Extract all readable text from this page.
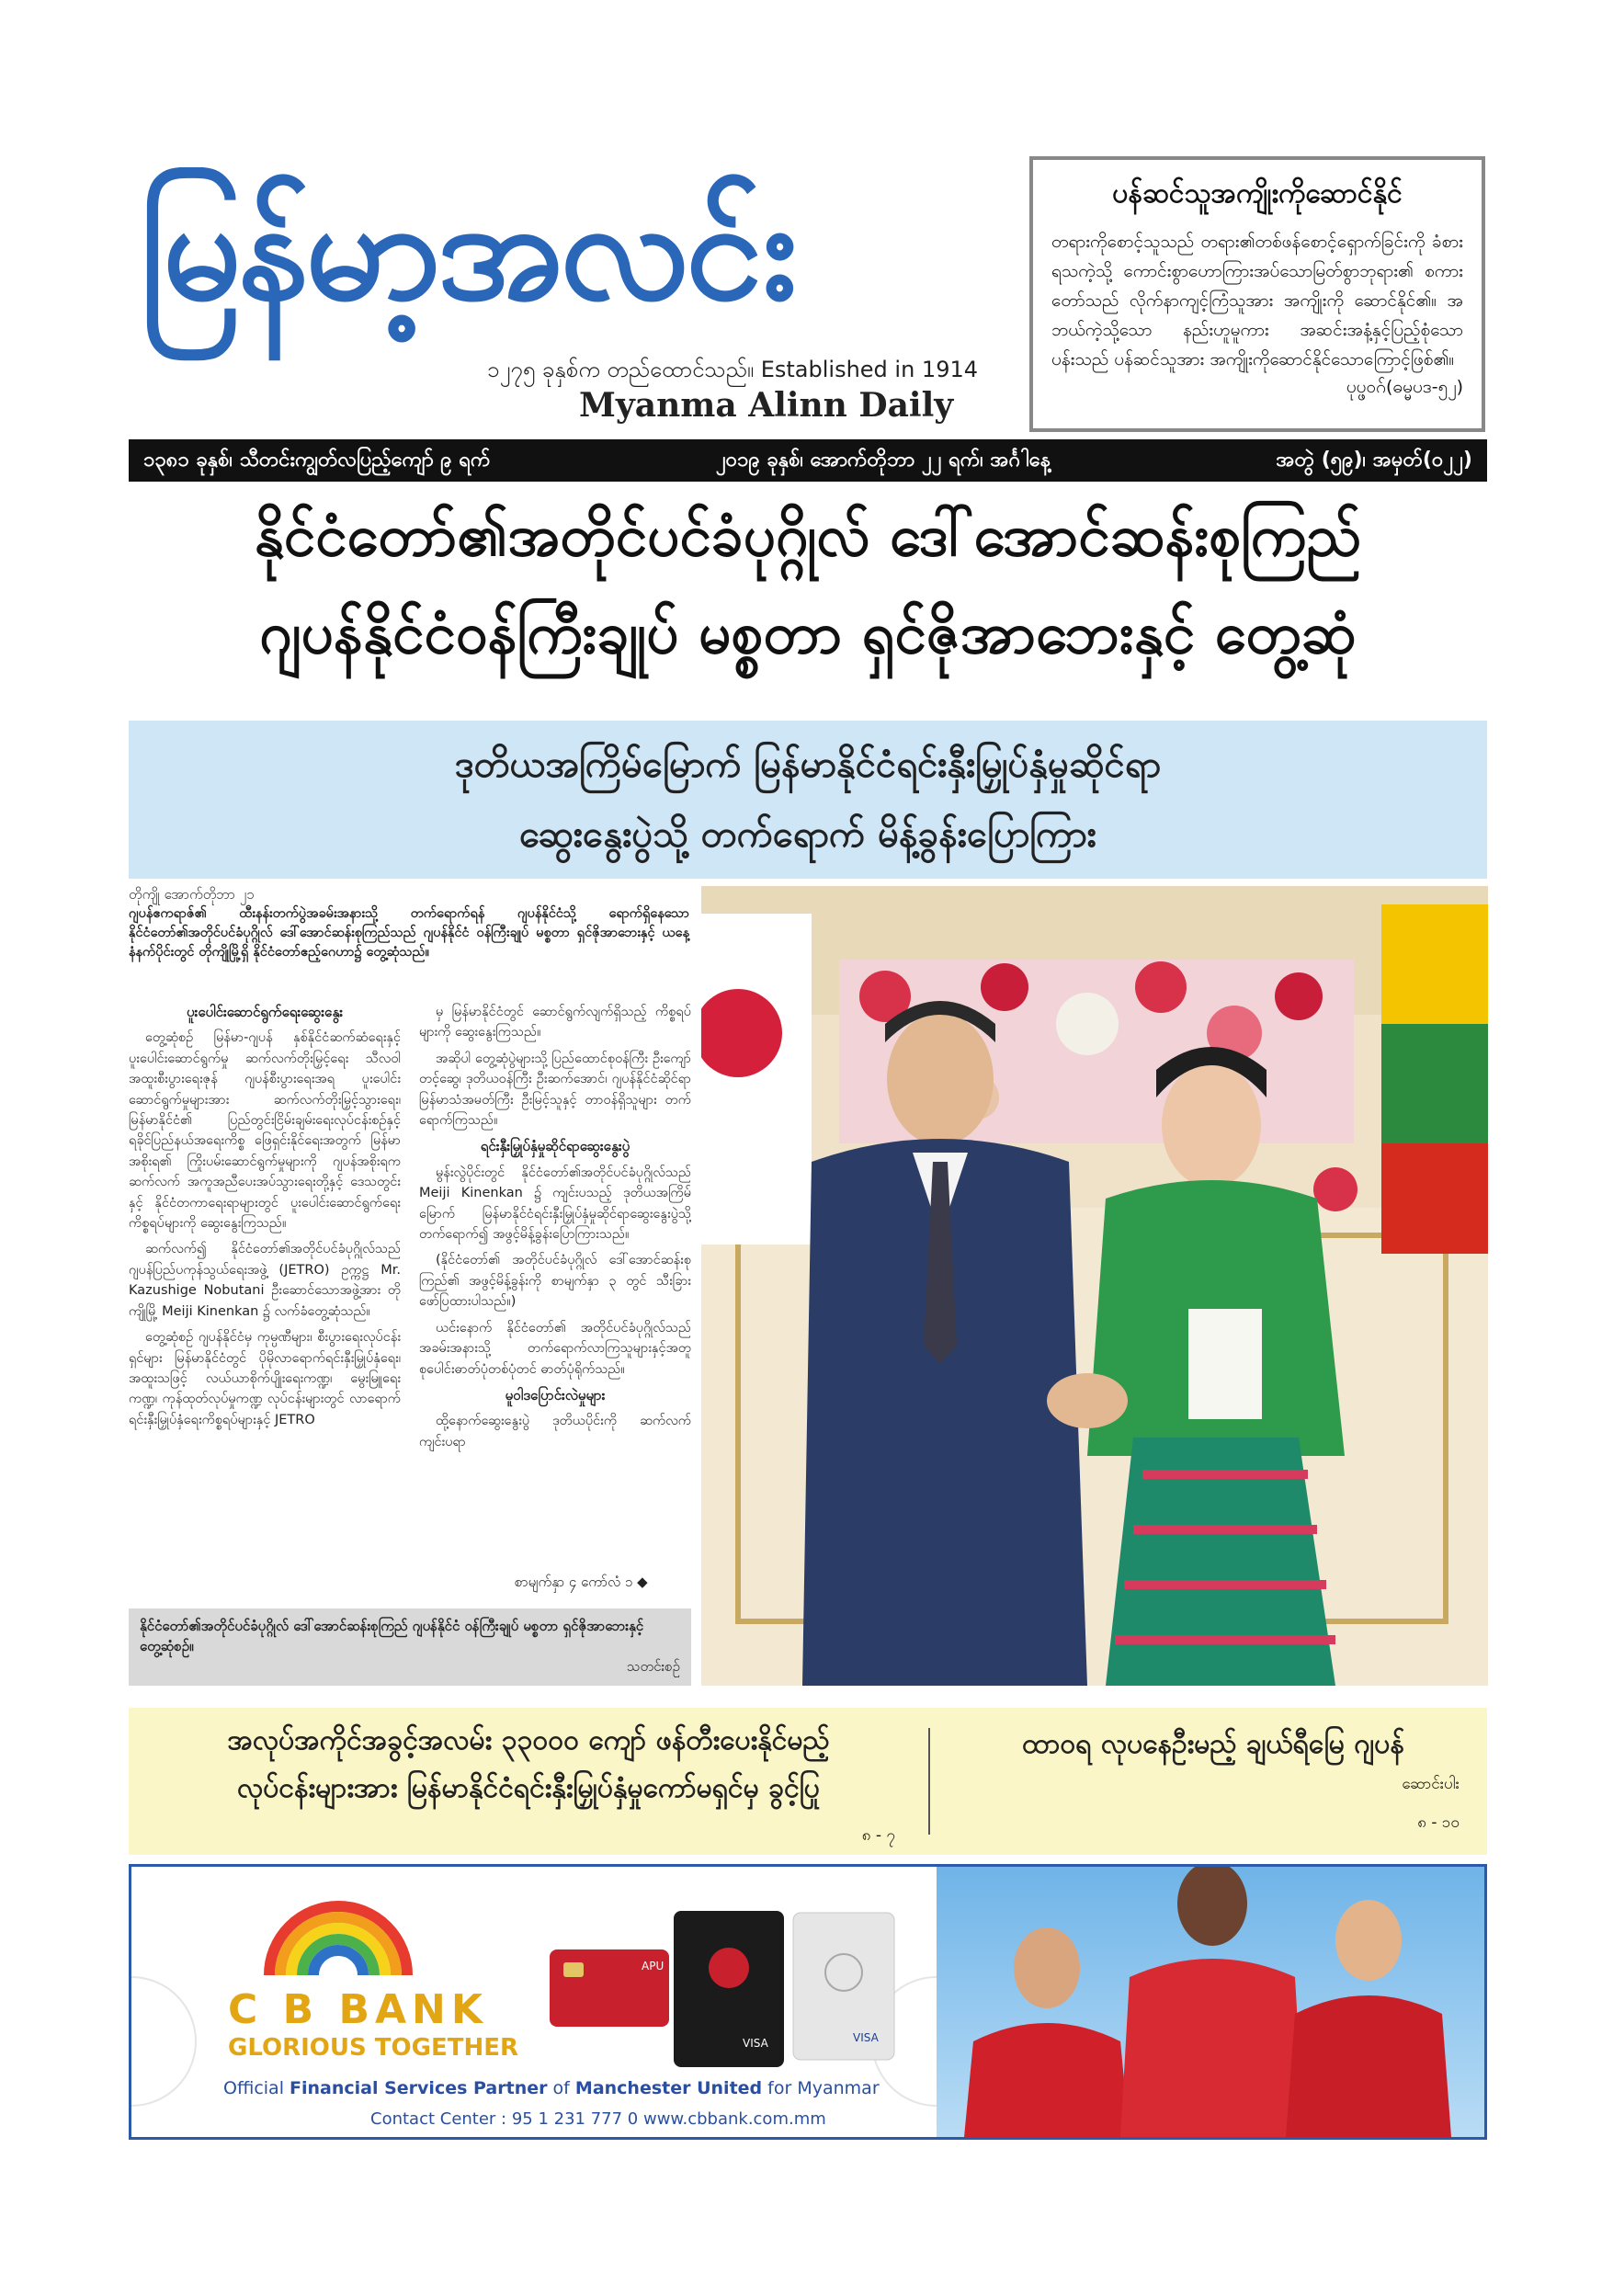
မြန်မာ့အလင်း
၁၂၇၅ ခုနှစ်က တည်ထောင်သည်။ Established in 1914
Myanma Alinn Daily
ပန်ဆင်သူအကျိုးကိုဆောင်နိုင်
တရားကိုစောင့်သူသည် တရား၏တစ်ဖန်စောင့်ရှောက်ခြင်းကို ခံစားရသကဲ့သို့ ကောင်းစွာဟောကြားအပ်သောမြတ်စွာဘုရား၏ စကားတော်သည် လိုက်နာကျင့်ကြံသူအား အကျိုးကို ဆောင်နိုင်၏။ အဘယ်ကဲ့သို့သော နည်းဟူမူကား အဆင်းအနံ့နှင့်ပြည့်စုံသော ပန်းသည် ပန်ဆင်သူအား အကျိုးကိုဆောင်နိုင်သောကြောင့်ဖြစ်၏။
ပုပ္ဖဝဂ်(ဓမ္မပဒ-၅၂)
၁၃၈၁ ခုနှစ်၊ သီတင်းကျွတ်လပြည့်ကျော် ၉ ရက်	၂၀၁၉ ခုနှစ်၊ အောက်တိုဘာ ၂၂ ရက်၊ အင်္ဂါနေ့	အတွဲ (၅၉)၊ အမှတ်(၀၂၂)
နိုင်ငံတော်၏အတိုင်ပင်ခံပုဂ္ဂိုလ် ဒေါ်အောင်ဆန်းစုကြည်
ဂျပန်နိုင်ငံဝန်ကြီးချုပ် မစ္စတာ ရှင်ဇိုအာဘေးနှင့် တွေ့ဆုံ
ဒုတိယအကြိမ်မြောက် မြန်မာနိုင်ငံရင်းနှီးမြှုပ်နှံမှုဆိုင်ရာ
ဆွေးနွေးပွဲသို့ တက်ရောက် မိန့်ခွန်းပြောကြား
တိုကျို အောက်တိုဘာ ၂၁
ဂျပန်ဧကရာဇ်၏ ထီးနန်းတက်ပွဲအခမ်းအနားသို့ တက်ရောက်ရန် ဂျပန်နိုင်ငံသို့ ရောက်ရှိနေသော နိုင်ငံတော်၏အတိုင်ပင်ခံပုဂ္ဂိုလ် ဒေါ်အောင်ဆန်းစုကြည်သည် ဂျပန်နိုင်ငံ ဝန်ကြီးချုပ် မစ္စတာ ရှင်ဇိုအာဘေးနှင့် ယနေ့နံနက်ပိုင်းတွင် တိုကျိုမြို့ရှိ နိုင်ငံတော်ဧည့်ဂေဟာ၌ တွေ့ဆုံသည်။
ပူးပေါင်းဆောင်ရွက်ရေးဆွေးနွေး

တွေ့ဆုံစဉ် မြန်မာ-ဂျပန် နှစ်နိုင်ငံဆက်ဆံရေးနှင့် ပူးပေါင်းဆောင်ရွက်မှု ဆက်လက်တိုးမြှင့်ရေး သီလဝါအထူးစီးပွားရေးဇုန် ဂျပန်စီးပွားရေးအရ ပူးပေါင်းဆောင်ရွက်မှုများအား ဆက်လက်တိုးမြှင့်သွားရေး၊ မြန်မာနိုင်ငံ၏ ပြည်တွင်းငြိမ်းချမ်းရေးလုပ်ငန်းစဉ်နှင့် ရခိုင်ပြည်နယ်အရေးကိစ္စ ဖြေရှင်းနိုင်ရေးအတွက် မြန်မာအစိုးရ၏ ကြိုးပမ်းဆောင်ရွက်မှုများကို ဂျပန်အစိုးရက ဆက်လက် အကူအညီပေးအပ်သွားရေးတို့နှင့် ဒေသတွင်းနှင့် နိုင်ငံတကာရေးရာများတွင် ပူးပေါင်းဆောင်ရွက်ရေးကိစ္စရပ်များကို ဆွေးနွေးကြသည်။

ဆက်လက်၍ နိုင်ငံတော်၏အတိုင်ပင်ခံပုဂ္ဂိုလ်သည် ဂျပန်ပြည်ပကုန်သွယ်ရေးအဖွဲ့ (JETRO) ဥက္ကဋ္ဌ Mr. Kazushige Nobutani ဦးဆောင်သောအဖွဲ့အား တိုကျိုမြို့ Meiji Kinenkan ၌ လက်ခံတွေ့ဆုံသည်။

တွေ့ဆုံစဉ် ဂျပန်နိုင်ငံမှ ကုမ္ပဏီများ၊ စီးပွားရေးလုပ်ငန်းရှင်များ မြန်မာနိုင်ငံတွင် ပိုမိုလာရောက်ရင်းနှီးမြှုပ်နှံရေး၊ အထူးသဖြင့် လယ်ယာစိုက်ပျိုးရေးကဏ္ဍ၊ မွေးမြူရေးကဏ္ဍ၊ ကုန်ထုတ်လုပ်မှုကဏ္ဍ လုပ်ငန်းများတွင် လာရောက်ရင်းနှီးမြှုပ်နှံရေးကိစ္စရပ်များနှင့် JETRO

မှ မြန်မာနိုင်ငံတွင် ဆောင်ရွက်လျက်ရှိသည့် ကိစ္စရပ်များကို ဆွေးနွေးကြသည်။

အဆိုပါ တွေ့ဆုံပွဲများသို့ ပြည်ထောင်စုဝန်ကြီး ဦးကျော်တင့်ဆွေ၊ ဒုတိယဝန်ကြီး ဦးဆက်အောင်၊ ဂျပန်နိုင်ငံဆိုင်ရာ မြန်မာသံအမတ်ကြီး ဦးမြင့်သူနှင့် တာဝန်ရှိသူများ တက်ရောက်ကြသည်။

ရင်းနှီးမြှုပ်နှံမှုဆိုင်ရာဆွေးနွေးပွဲ

မွန်းလွဲပိုင်းတွင် နိုင်ငံတော်၏အတိုင်ပင်ခံပုဂ္ဂိုလ်သည် Meiji Kinenkan ၌ ကျင်းပသည့် ဒုတိယအကြိမ်မြောက် မြန်မာနိုင်ငံရင်းနှီးမြှုပ်နှံမှုဆိုင်ရာဆွေးနွေးပွဲသို့ တက်ရောက်၍ အဖွင့်မိန့်ခွန်းပြောကြားသည်။

(နိုင်ငံတော်၏ အတိုင်ပင်ခံပုဂ္ဂိုလ် ဒေါ်အောင်ဆန်းစုကြည်၏ အဖွင့်မိန့်ခွန်းကို စာမျက်နှာ ၃ တွင် သီးခြားဖော်ပြထားပါသည်။)

ယင်းနောက် နိုင်ငံတော်၏ အတိုင်ပင်ခံပုဂ္ဂိုလ်သည်အခမ်းအနားသို့ တက်ရောက်လာကြသူများနှင့်အတူ စုပေါင်းဓာတ်ပုံတစ်ပုံတင် ဓာတ်ပုံရိုက်သည်။

မူဝါဒပြောင်းလဲမှုများ

ထို့နောက်ဆွေးနွေးပွဲ ဒုတိယပိုင်းကို ဆက်လက် ကျင်းပရာ

စာမျက်နှာ ၄ ကော်လံ ၁ ◆
နိုင်ငံတော်၏အတိုင်ပင်ခံပုဂ္ဂိုလ် ဒေါ်အောင်ဆန်းစုကြည် ဂျပန်နိုင်ငံ ဝန်ကြီးချုပ် မစ္စတာ ရှင်ဇိုအာဘေးနှင့် တွေ့ဆုံစဉ်။
သတင်းစဉ်
အလုပ်အကိုင်အခွင့်အလမ်း ၃၃၀၀၀ ကျော် ဖန်တီးပေးနိုင်မည့်
လုပ်ငန်းများအား မြန်မာနိုင်ငံရင်းနှီးမြှုပ်နှံမှုကော်မရှင်မှ ခွင့်ပြု
၈ - ၇
ထာဝရ လုပနေဦးမည့် ချယ်ရီမြေ ဂျပန်
ဆောင်းပါး
၈ - ၁၀
APU
VISA	VISA
C B BANK
GLORIOUS TOGETHER
Official Financial Services Partner of Manchester United for Myanmar
Contact Center : 95 1 231 777 0 www.cbbank.com.mm
